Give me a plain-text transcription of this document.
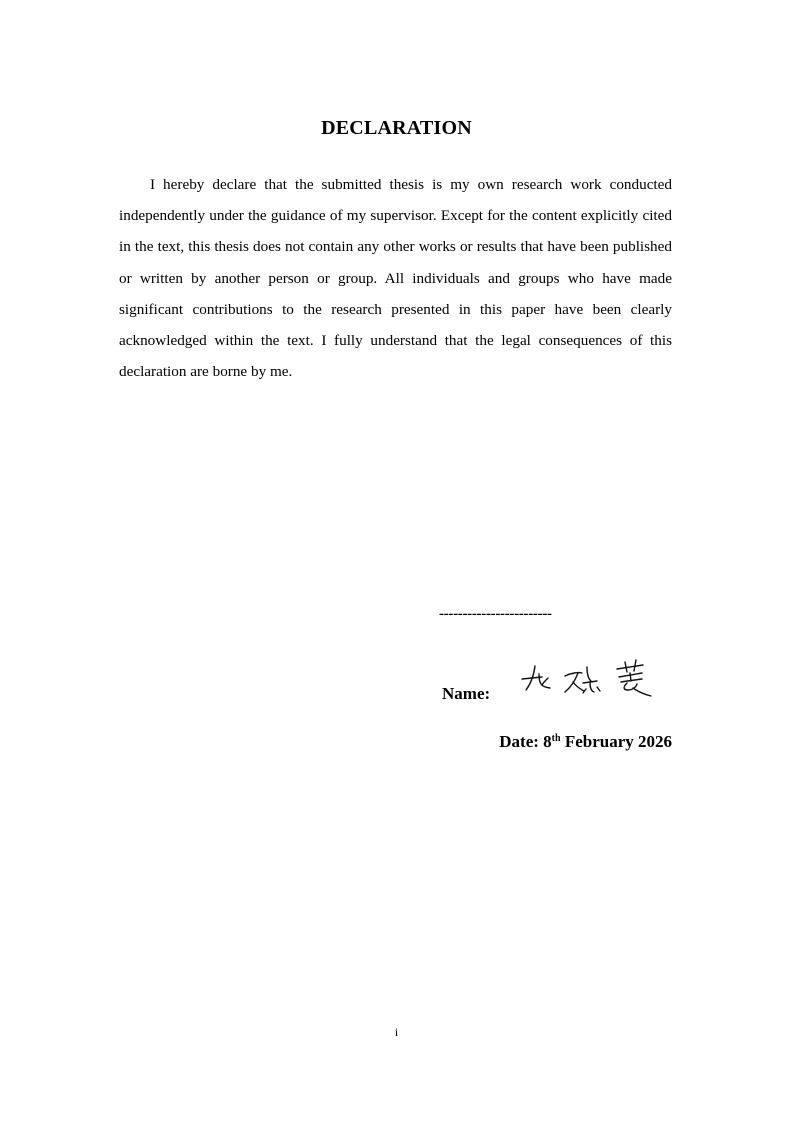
DECLARATION

I hereby declare that the submitted thesis is my own research work conducted independently under the guidance of my supervisor. Except for the content explicitly cited in the text, this thesis does not contain any other works or results that have been published or written by another person or group. All individuals and groups who have made significant contributions to the research presented in this paper have been clearly acknowledged within the text. I fully understand that the legal consequences of this declaration are borne by me.

------------------------
Name:
Date: 8th February 2026
i
